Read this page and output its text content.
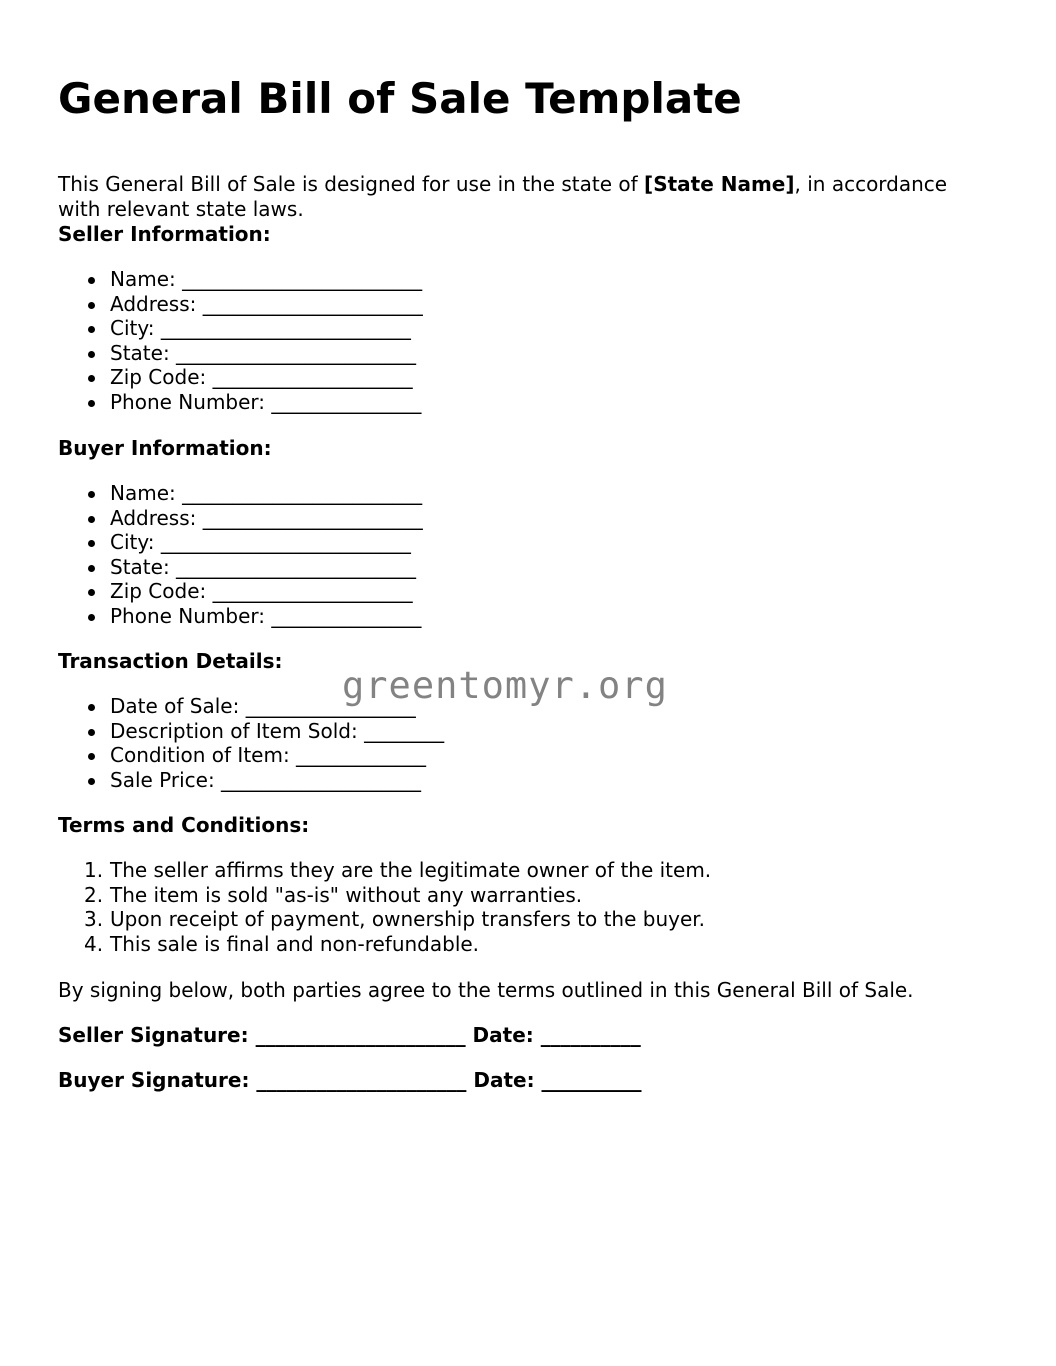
General Bill of Sale Template

This General Bill of Sale is designed for use in the state of [State Name], in accordance with relevant state laws.

Seller Information:
Name: ________________________
Address: ______________________
City: _________________________
State: ________________________
Zip Code: ____________________
Phone Number: _______________
Buyer Information:
Name: ________________________
Address: ______________________
City: _________________________
State: ________________________
Zip Code: ____________________
Phone Number: _______________
Transaction Details:
Date of Sale: _________________
Description of Item Sold: ________
Condition of Item: _____________
Sale Price: ____________________
Terms and Conditions:
1. The seller affirms they are the legitimate owner of the item.
2. The item is sold "as-is" without any warranties.
3. Upon receipt of payment, ownership transfers to the buyer.
4. This sale is final and non-refundable.
By signing below, both parties agree to the terms outlined in this General Bill of Sale.
Seller Signature: _____________________ Date: __________
Buyer Signature: _____________________ Date: __________
greentomyr.org
